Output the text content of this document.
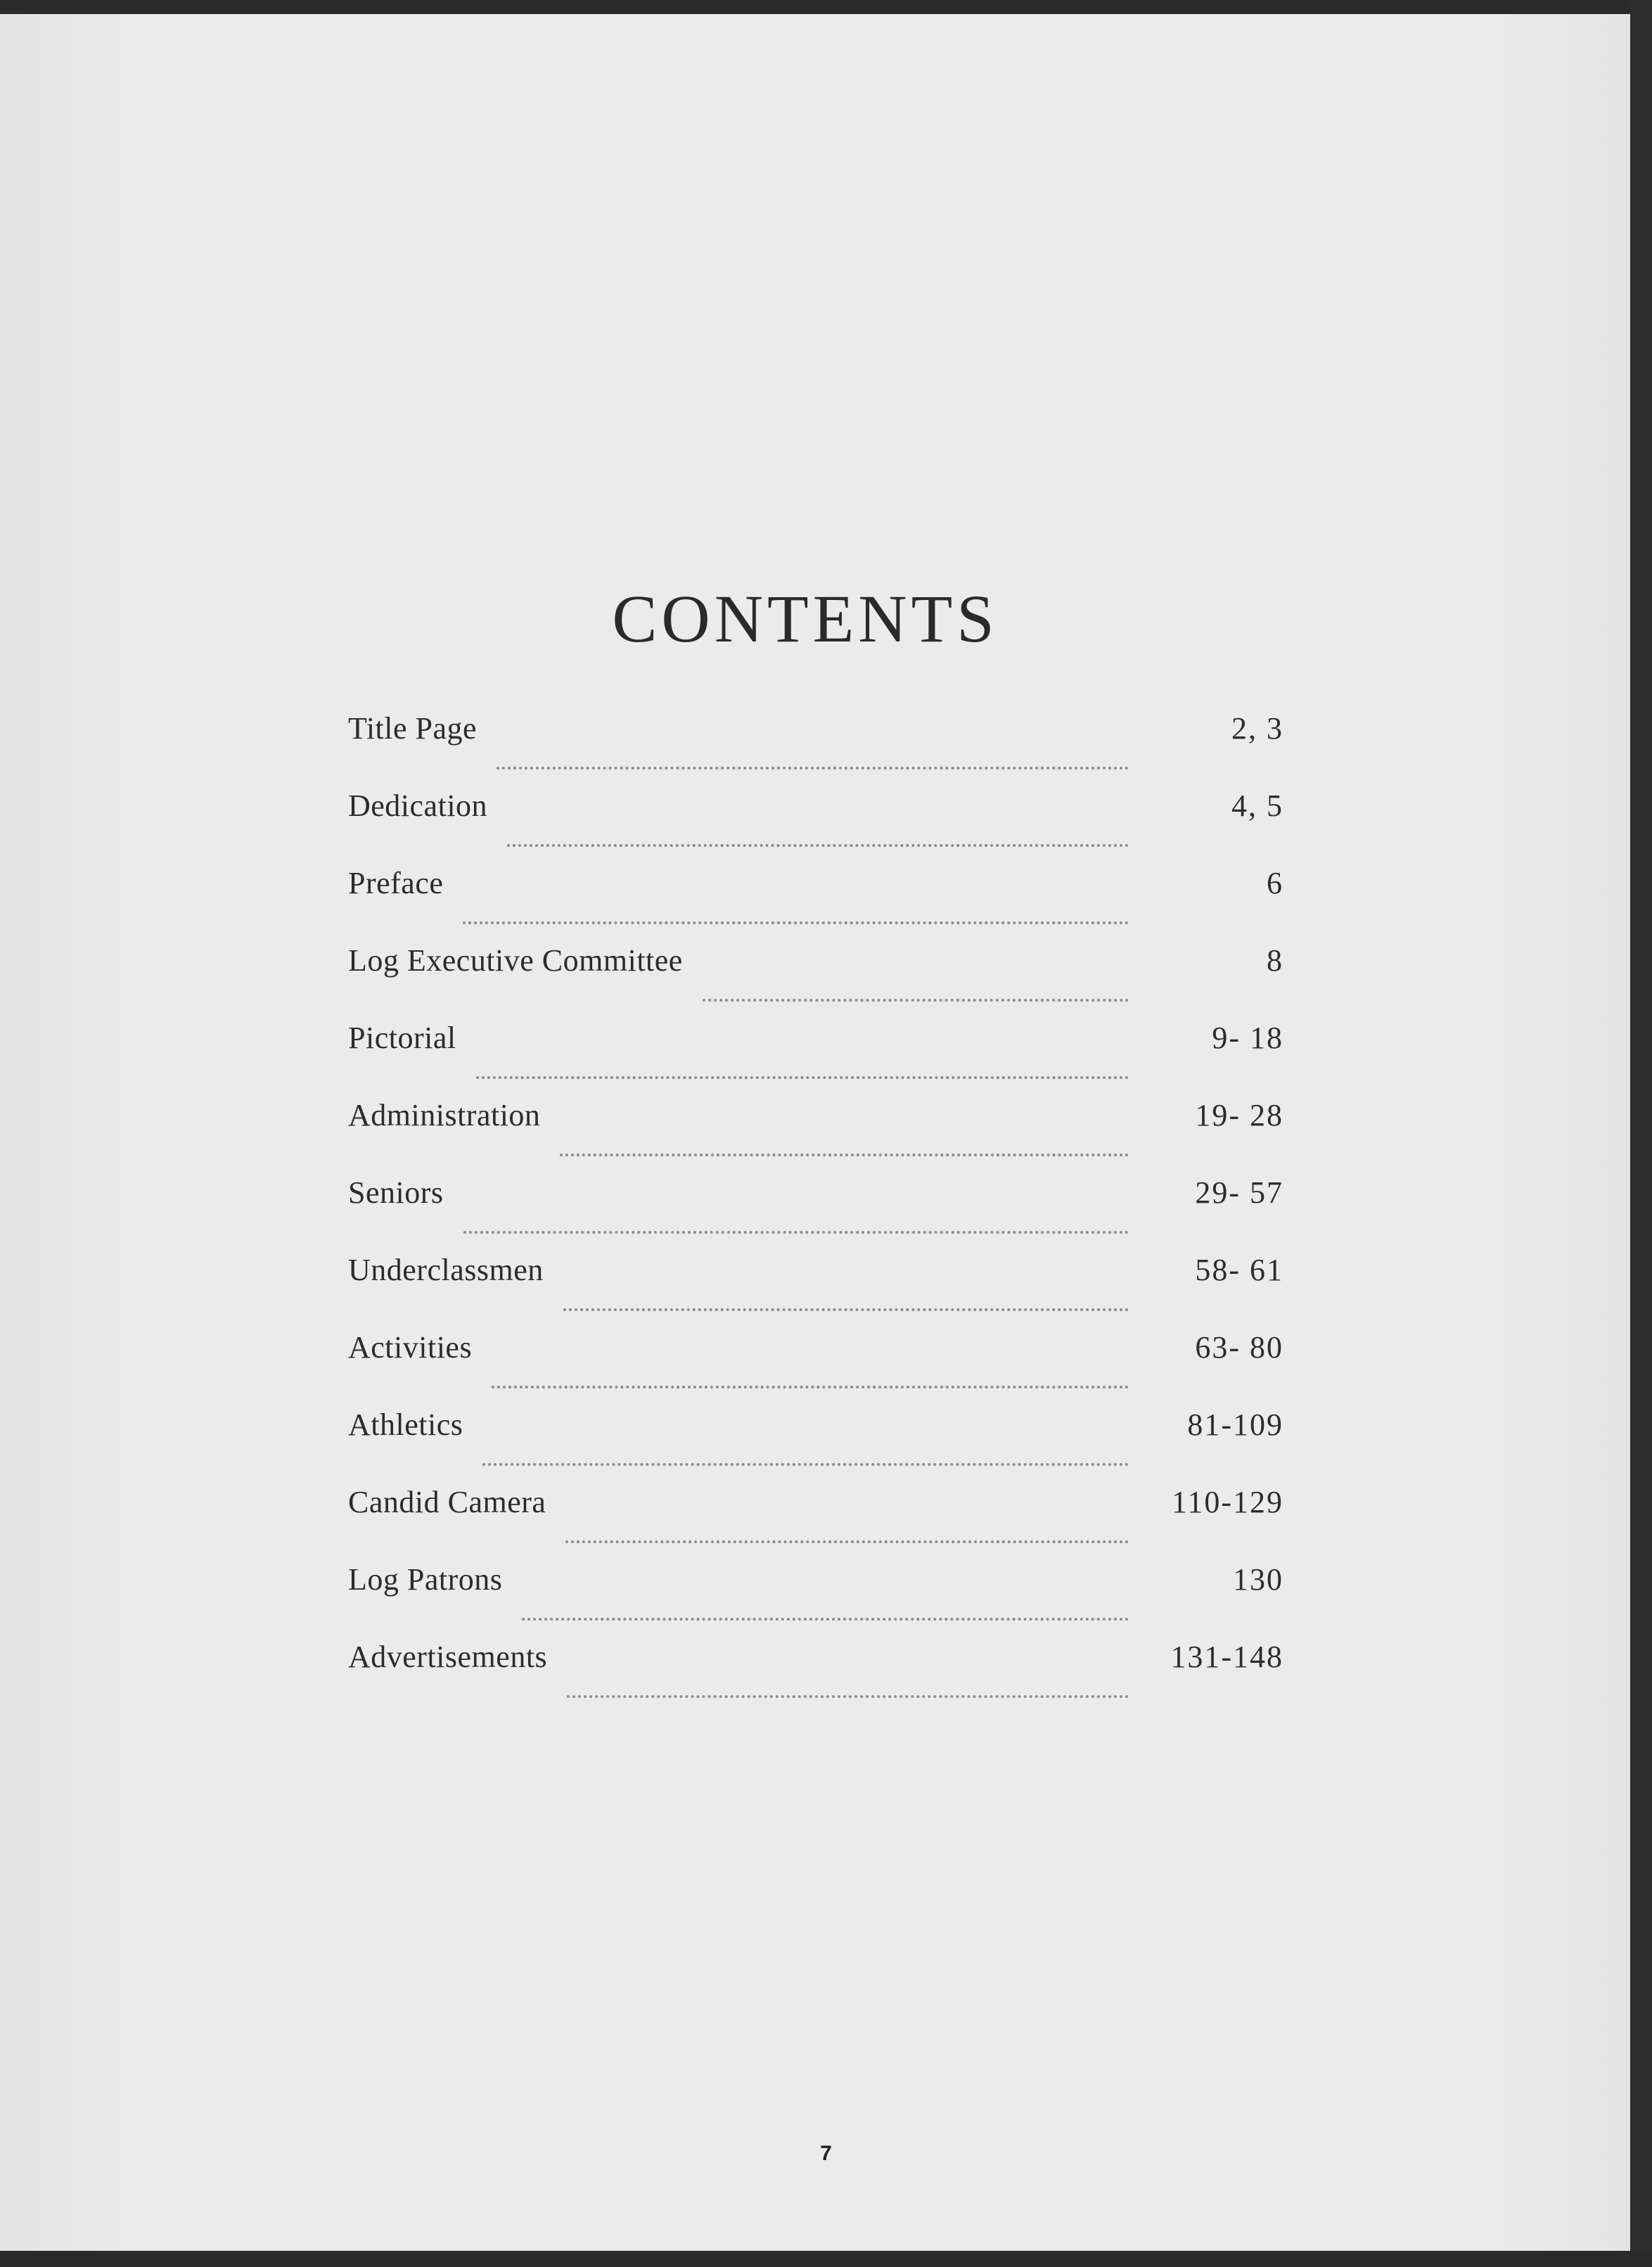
CONTENTS
Title Page	2, 3
Dedication	4, 5
Preface	6
Log Executive Committee	8
Pictorial	9- 18
Administration	19- 28
Seniors	29- 57
Underclassmen	58- 61
Activities	63- 80
Athletics	81-109
Candid Camera	110-129
Log Patrons	130
Advertisements	131-148
7
